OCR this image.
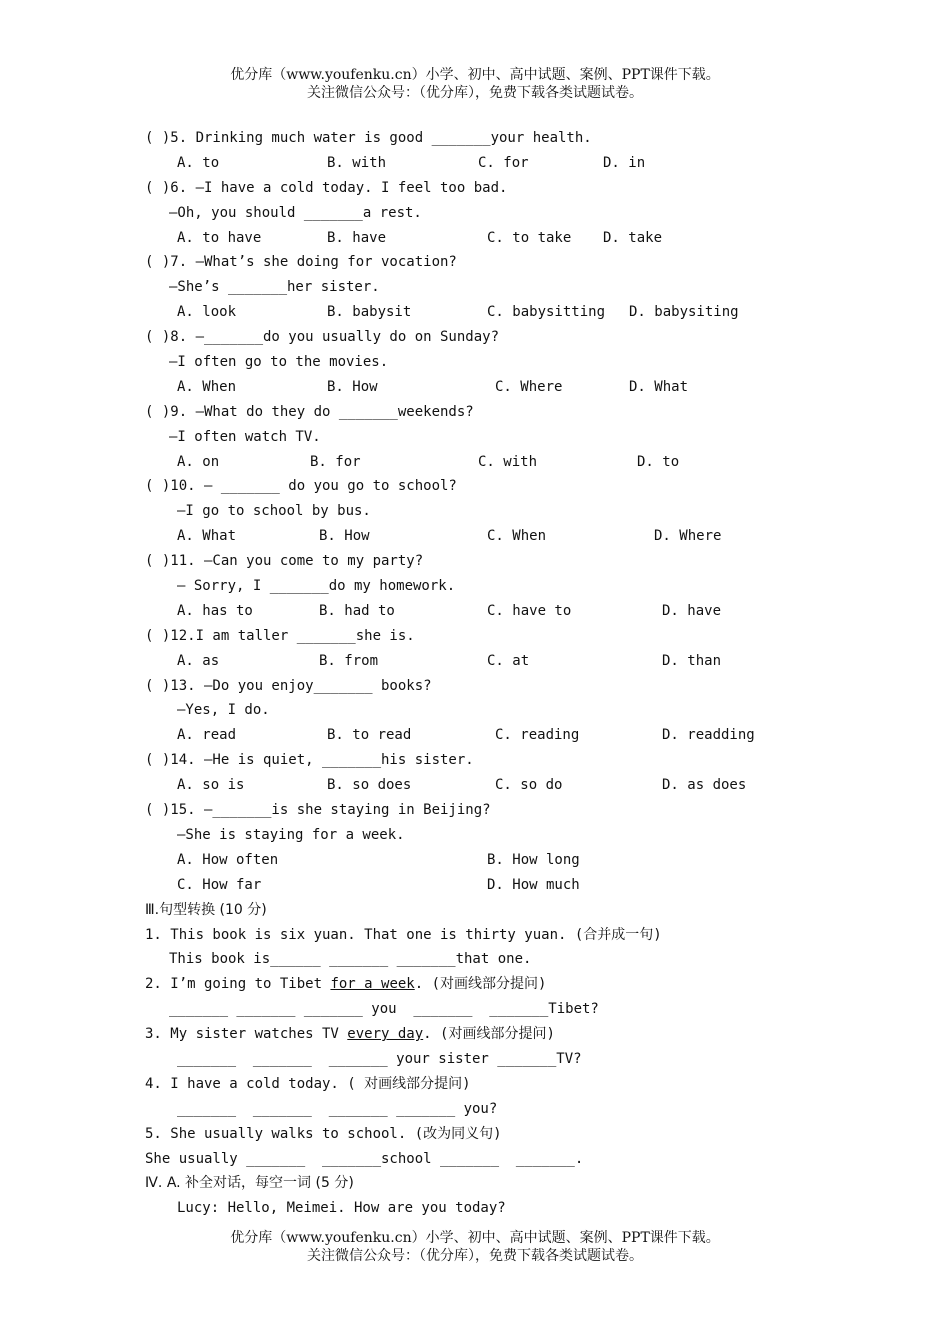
优分库（www.youfenku.cn）小学、初中、高中试题、案例、PPT课件下载。
关注微信公众号：（优分库），免费下载各类试题试卷。
( )5. Drinking much water is good _______your health.

A. to

	B. with

	C. for

	D. in

( )6. —I have a cold today. I feel too bad.
—Oh, you should _______a rest.

A. to have

	B. have

	C. to take

D. take

( )7. —What’s she doing for vocation?
—She’s _______her sister.

A. look

	B. babysit

	C. babysitting

D. babysiting

( )8. —_______do you usually do on Sunday?
—I often go to the movies.

A. When

	B. How

	C. Where

	D. What

( )9. —What do they do _______weekends?
—I often watch TV.

A. on

	B. for

	C. with

	D. to

( )10. — _______ do you go to school?
—I go to school by bus.

A. What

	B. How

	C. When

	D. Where

( )11. —Can you come to my party?
— Sorry, I _______do my homework.

A. has to

	B. had to

	C. have to

	D. have

( )12.I am taller _______she is.

A. as

	B. from

	C. at

	D. than

( )13. —Do you enjoy_______ books?
—Yes, I do.

A. read

	B. to read

	C. reading

	D. readding

( )14. —He is quiet, _______his sister.

A. so is

	B. so does

	C. so do

	D. as does

( )15. —_______is she staying in Beijing?
—She is staying for a week.

A. How often

	B. How long

C. How far

	D. How much

Ⅲ.句型转换 (10 分)
1. This book is six yuan. That one is thirty yuan. (合并成一句)
This book is______ _______ _______that one.
2. I’m going to Tibet for a week. (对画线部分提问)
_______ _______ _______ you  _______  _______Tibet?
3. My sister watches TV every day. (对画线部分提问)
_______  _______  _______ your sister _______TV?
4. I have a cold today. ( 对画线部分提问)
_______  _______  _______ _______ you?
5. She usually walks to school. (改为同义句)
She usually _______  _______school _______  _______.
Ⅳ. A. 补全对话，每空一词 (5 分)
Lucy: Hello, Meimei. How are you today?
优分库（www.youfenku.cn）小学、初中、高中试题、案例、PPT课件下载。
关注微信公众号：（优分库），免费下载各类试题试卷。
